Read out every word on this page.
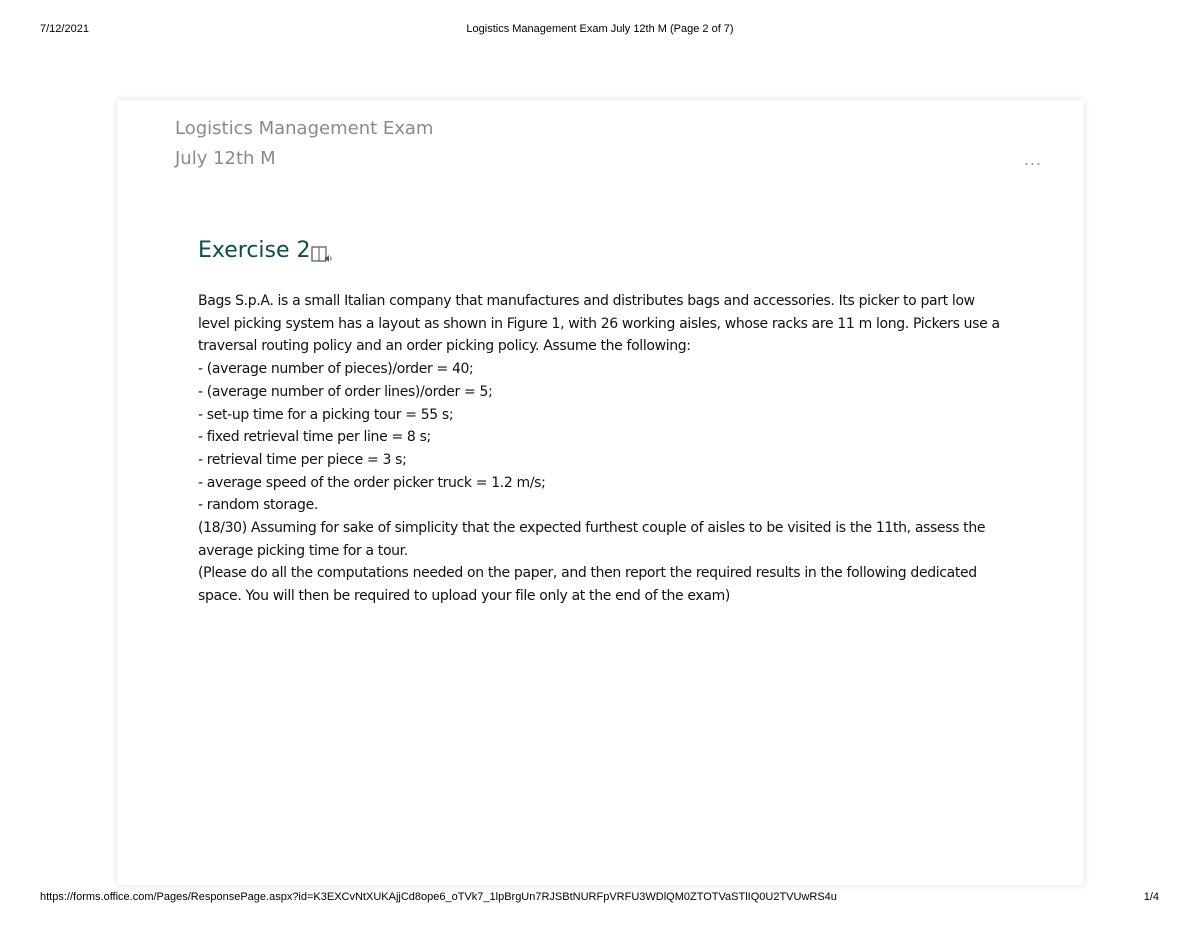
7/12/2021	Logistics Management Exam July 12th M (Page 2 of 7)
Logistics Management Exam
July 12th M	...
Exercise 2

Bags S.p.A. is a small Italian company that manufactures and distributes bags and accessories. Its picker to part low level picking system has a layout as shown in Figure 1, with 26 working aisles, whose racks are 11 m long. Pickers use a traversal routing policy and an order picking policy. Assume the following:

- (average number of pieces)/order = 40;

- (average number of order lines)/order = 5;

- set-up time for a picking tour = 55 s;

- fixed retrieval time per line = 8 s;

- retrieval time per piece = 3 s;

- average speed of the order picker truck = 1.2 m/s;

- random storage.

(18/30) Assuming for sake of simplicity that the expected furthest couple of aisles to be visited is the 11th, assess the average picking time for a tour.

(Please do all the computations needed on the paper, and then report the required results in the following dedicated space. You will then be required to upload your file only at the end of the exam)

https://forms.office.com/Pages/ResponsePage.aspx?id=K3EXCvNtXUKAjjCd8ope6_oTVk7_1lpBrgUn7RJSBtNURFpVRFU3WDlQM0ZTOTVaSTlIQ0U2TVUwRS4u	1/4
